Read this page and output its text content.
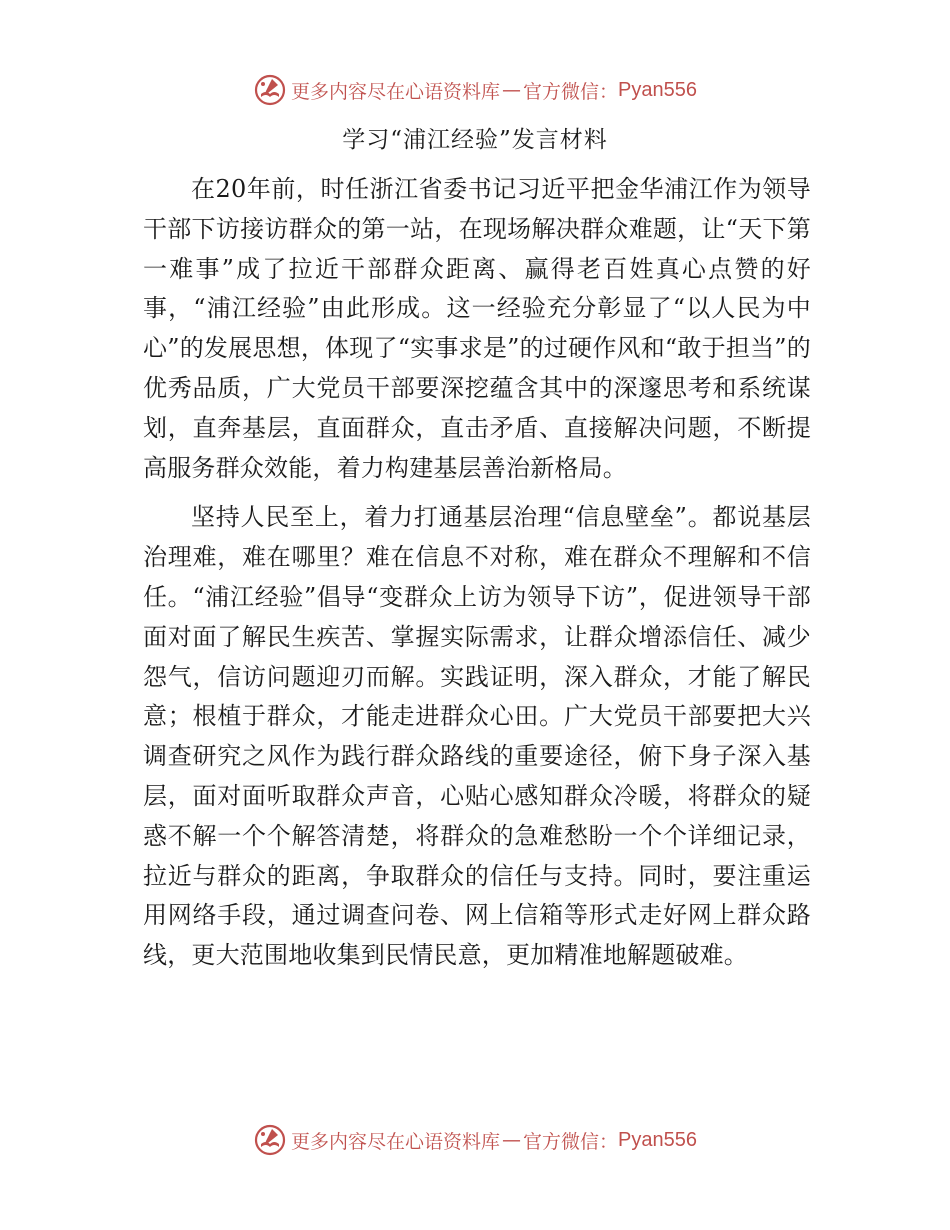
更多内容尽在心语资料库 — 官方微信： Pyan556
学习“浦江经验”发言材料

在20年前，时任浙江省委书记习近平把金华浦江作为领导干部下访接访群众的第一站，在现场解决群众难题，让“天下第一难事”成了拉近干部群众距离、赢得老百姓真心点赞的好事，“浦江经验”由此形成。这一经验充分彰显了“以人民为中心”的发展思想，体现了“实事求是”的过硬作风和“敢于担当”的优秀品质，广大党员干部要深挖蕴含其中的深邃思考和系统谋划，直奔基层，直面群众，直击矛盾、直接解决问题，不断提高服务群众效能，着力构建基层善治新格局。

坚持人民至上，着力打通基层治理“信息壁垒”。都说基层治理难，难在哪里？难在信息不对称，难在群众不理解和不信任。“浦江经验”倡导“变群众上访为领导下访”，促进领导干部面对面了解民生疾苦、掌握实际需求，让群众增添信任、减少怨气，信访问题迎刃而解。实践证明，深入群众，才能了解民意；根植于群众，才能走进群众心田。广大党员干部要把大兴调查研究之风作为践行群众路线的重要途径，俯下身子深入基层，面对面听取群众声音，心贴心感知群众冷暖，将群众的疑惑不解一个个解答清楚，将群众的急难愁盼一个个详细记录，拉近与群众的距离，争取群众的信任与支持。同时，要注重运用网络手段，通过调查问卷、网上信箱等形式走好网上群众路线，更大范围地收集到民情民意，更加精准地解题破难。

更多内容尽在心语资料库 — 官方微信： Pyan556
